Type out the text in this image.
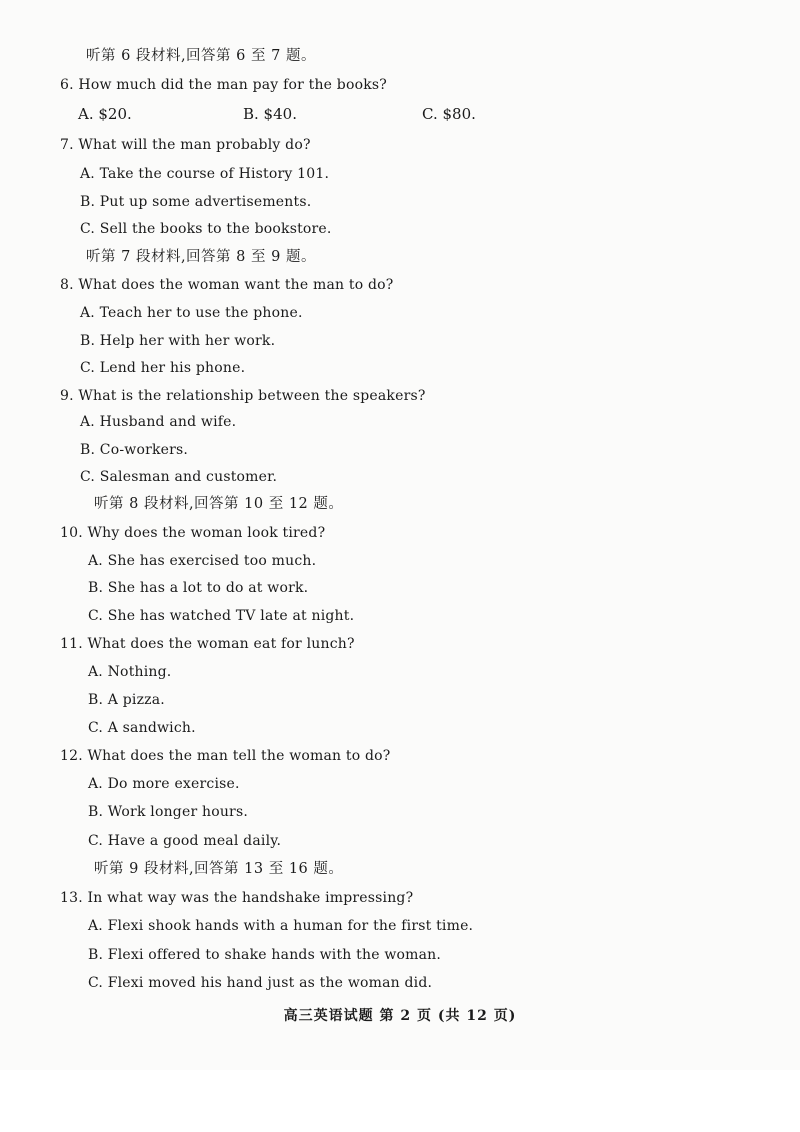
听第 6 段材料,回答第 6 至 7 题。
6. How much did the man pay for the books?
A. $20.	B. $40.	C. $80.
7. What will the man probably do?
A. Take the course of History 101.
B. Put up some advertisements.
C. Sell the books to the bookstore.
听第 7 段材料,回答第 8 至 9 题。
8. What does the woman want the man to do?
A. Teach her to use the phone.
B. Help her with her work.
C. Lend her his phone.
9. What is the relationship between the speakers?
A. Husband and wife.
B. Co-workers.
C. Salesman and customer.
听第 8 段材料,回答第 10 至 12 题。
10. Why does the woman look tired?
A. She has exercised too much.
B. She has a lot to do at work.
C. She has watched TV late at night.
11. What does the woman eat for lunch?
A. Nothing.
B. A pizza.
C. A sandwich.
12. What does the man tell the woman to do?
A. Do more exercise.
B. Work longer hours.
C. Have a good meal daily.
听第 9 段材料,回答第 13 至 16 题。
13. In what way was the handshake impressing?
A. Flexi shook hands with a human for the first time.
B. Flexi offered to shake hands with the woman.
C. Flexi moved his hand just as the woman did.
高三英语试题 第 2 页 (共 12 页)
